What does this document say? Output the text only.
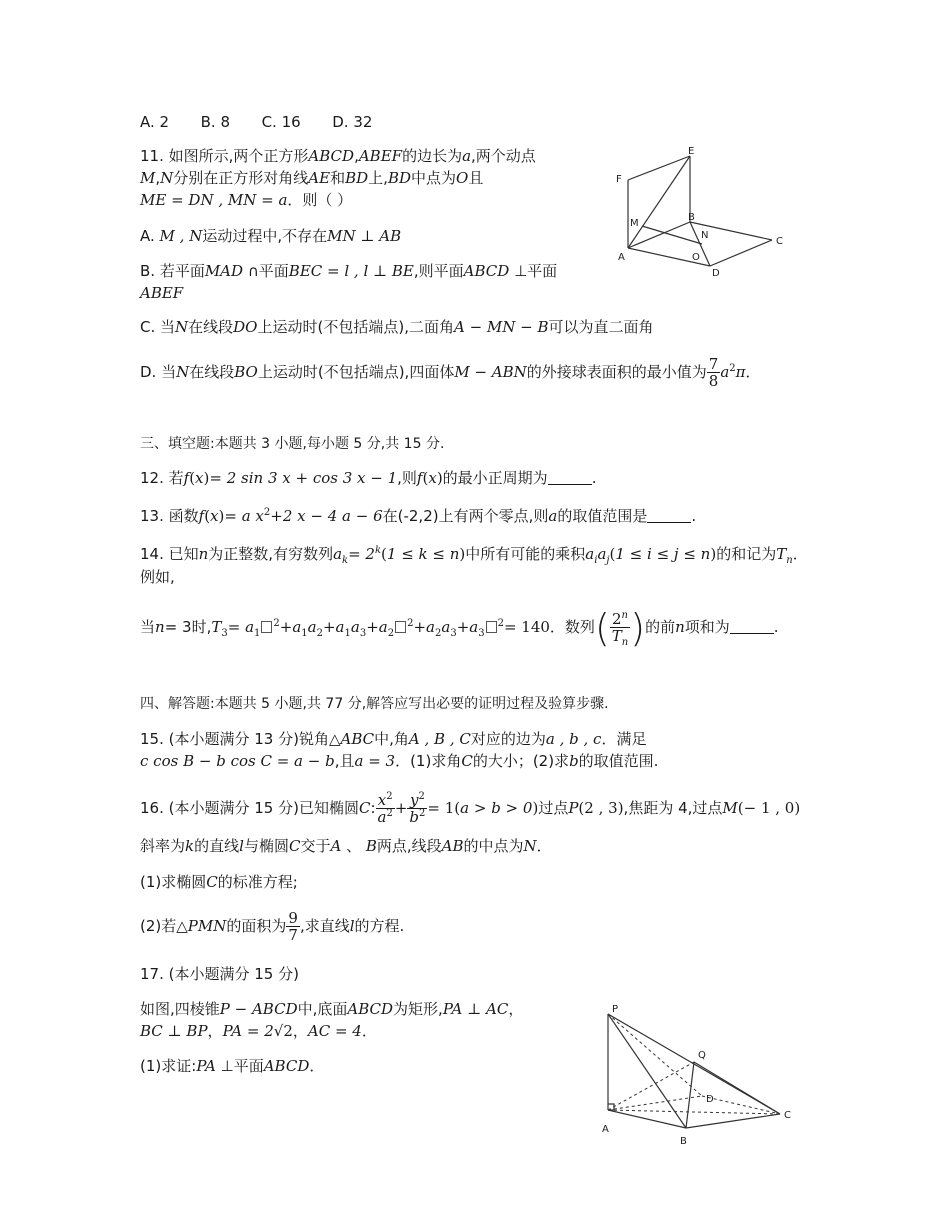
A. 2 B. 8 C. 16 D. 32
11. 如图所示,两个正方形ABCD,ABEF的边长为a,两个动点
M,N分别在正方形对角线AE和BD上,BD中点为O且
ME = DN , MN = a．则（ ）
A. M , N运动过程中,不存在MN ⊥ AB
B. 若平面MAD ∩平面BEC = l , l ⊥ BE,则平面ABCD ⊥平面
ABEF
C. 当N在线段DO上运动时(不包括端点),二面角A − MN − B可以为直二面角
D. 当N在线段BO上运动时(不包括端点),四面体M − ABN的外接球表面积的最小值为 $\frac{7}{8} a^2\pi$．
F
E
M
B
N
O
C
A
D
三、填空题:本题共 3 小题,每小题 5 分,共 15 分.
12. 若f(x)= 2 sin 3 x + cos 3 x − 1,则f(x)的最小正周期为	.
13. 函数f(x)= a $x^2+2$ x − 4 a − 6在(-2,2)上有两个零点,则a的取值范围是	.
14. 已知n为正整数,有穷数列$a_k= 2^k(1 \le k \le n)$中所有可能的乘积$a_ia_j(1 \le i \le j \le n)$的和记为$T_n$．
例如,
当n= 3时$,T_3= a_1^2+a_1a_2+a_1a_3+a_2^2+a_2a_3+a_3^2= 140$．数列( $\frac{2^n}{T_n}$ )的前n项和为	.
四、解答题:本题共 5 小题,共 77 分,解答应写出必要的证明过程及验算步骤.
15. (本小题满分 13 分)锐角△ABC中,角A , B , C对应的边为a , b , c．满足
c cos B − b cos C = a − b,且a = 3．(1)求角C的大小；(2)求b的取值范围.
16. (本小题满分 15 分)已知椭圆C: $\frac{x^2}{a^2} + \frac{y^2}{b^2} = 1(a > b > 0)$过点P(2 , 3),焦距为 4,过点M(− 1 , 0)
斜率为k的直线l与椭圆C交于A 、 B两点,线段AB的中点为N．
(1)求椭圆C的标准方程;
(2)若△PMN的面积为 $\frac{9}{7}$ ,求直线l的方程.
17. (本小题满分 15 分)
如图,四棱锥P − ABCD中,底面ABCD为矩形,PA ⊥ AC，
BC ⊥ BP，PA = 2√2，AC = 4．
(1)求证:PA ⊥平面ABCD．
P
Q
D
C
A
B
